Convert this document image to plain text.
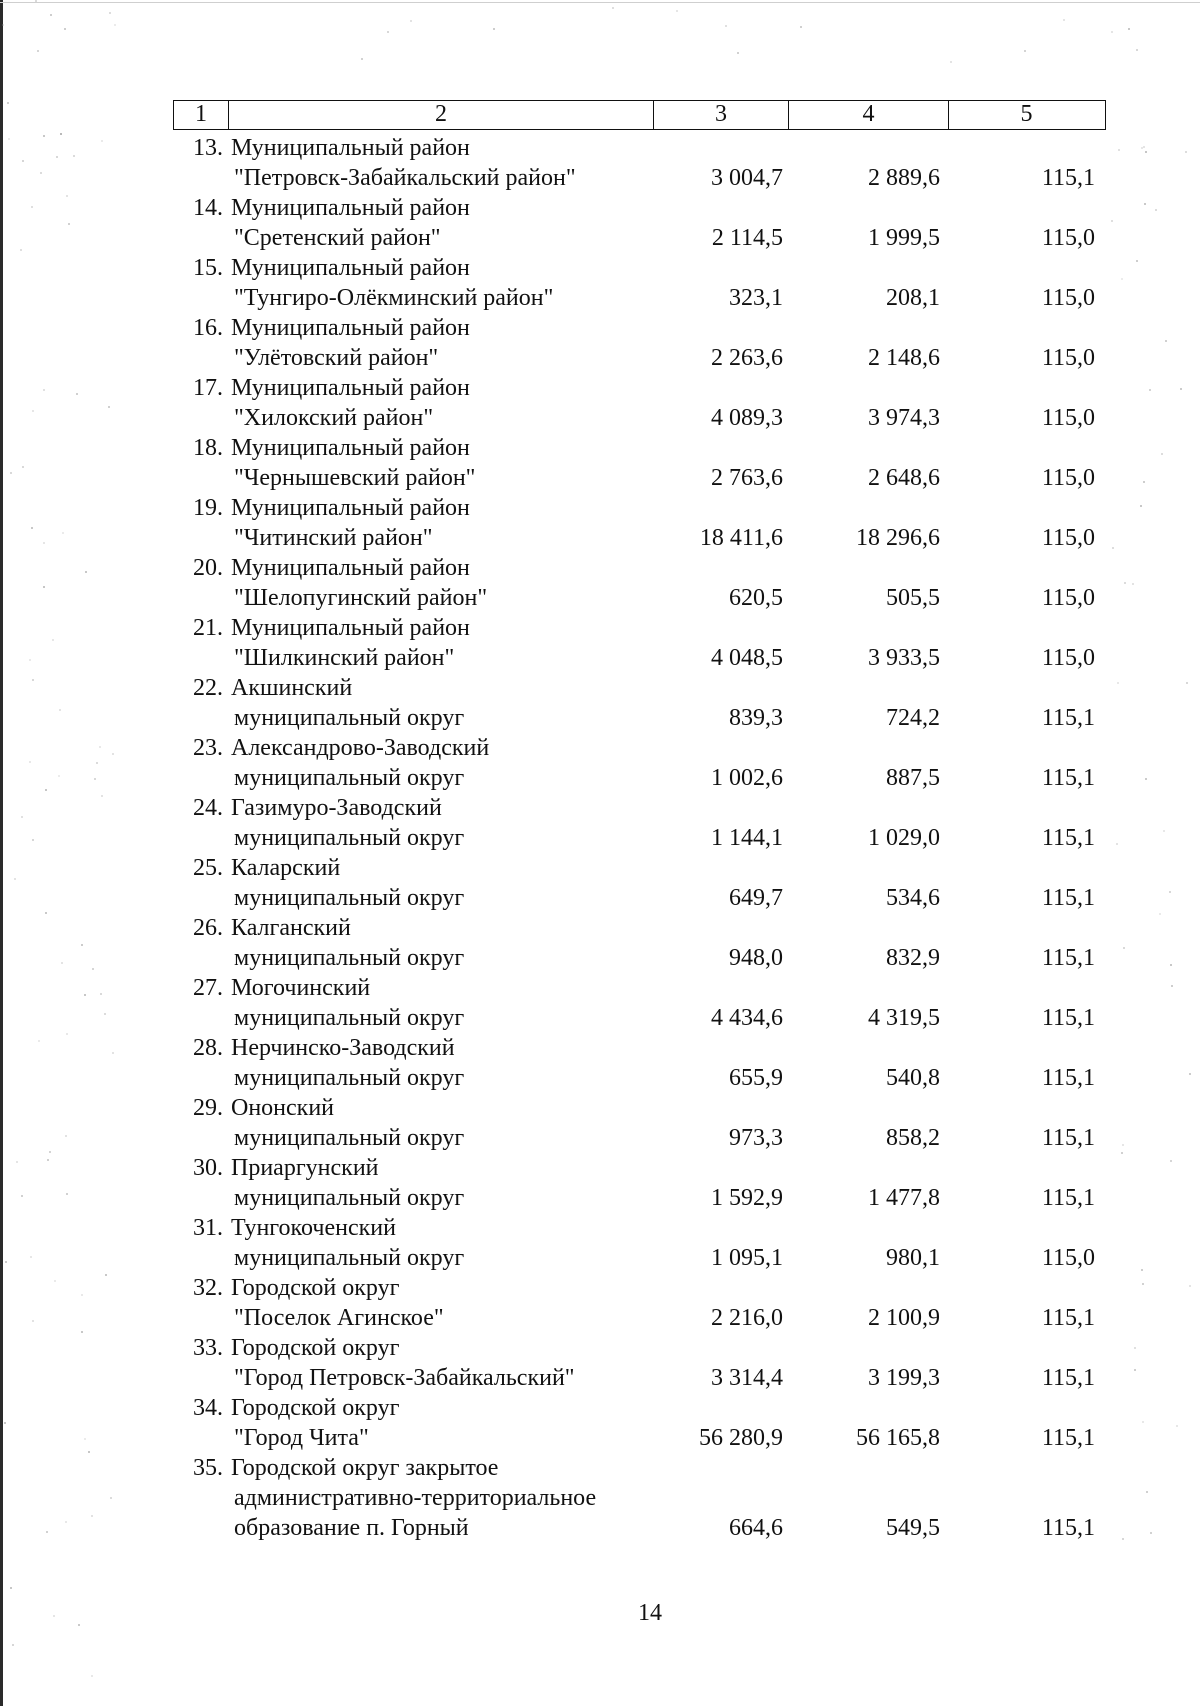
1	2	3	4	5
13. Муниципальный район
"Петровск-Забайкальский район"	3 004,7	2 889,6	115,1
14. Муниципальный район
"Сретенский район"	2 114,5	1 999,5	115,0
15. Муниципальный район
"Тунгиро-Олёкминский район"	323,1	208,1	115,0
16. Муниципальный район
"Улётовский район"	2 263,6	2 148,6	115,0
17. Муниципальный район
"Хилокский район"	4 089,3	3 974,3	115,0
18. Муниципальный район
"Чернышевский район"	2 763,6	2 648,6	115,0
19. Муниципальный район
"Читинский район"	18 411,6	18 296,6	115,0
20. Муниципальный район
"Шелопугинский район"	620,5	505,5	115,0
21. Муниципальный район
"Шилкинский район"	4 048,5	3 933,5	115,0
22. Акшинский
муниципальный округ	839,3	724,2	115,1
23. Александрово-Заводский
муниципальный округ	1 002,6	887,5	115,1
24. Газимуро-Заводский
муниципальный округ	1 144,1	1 029,0	115,1
25. Каларский
муниципальный округ	649,7	534,6	115,1
26. Калганский
муниципальный округ	948,0	832,9	115,1
27. Могочинский
муниципальный округ	4 434,6	4 319,5	115,1
28. Нерчинско-Заводский
муниципальный округ	655,9	540,8	115,1
29. Ононский
муниципальный округ	973,3	858,2	115,1
30. Приаргунский
муниципальный округ	1 592,9	1 477,8	115,1
31. Тунгокоченский
муниципальный округ	1 095,1	980,1	115,0
32. Городской округ
"Поселок Агинское"	2 216,0	2 100,9	115,1
33. Городской округ
"Город Петровск-Забайкальский"	3 314,4	3 199,3	115,1
34. Городской округ
"Город Чита"	56 280,9	56 165,8	115,1
35. Городской округ закрытое
административно-территориальное
образование п. Горный	664,6	549,5	115,1
14
